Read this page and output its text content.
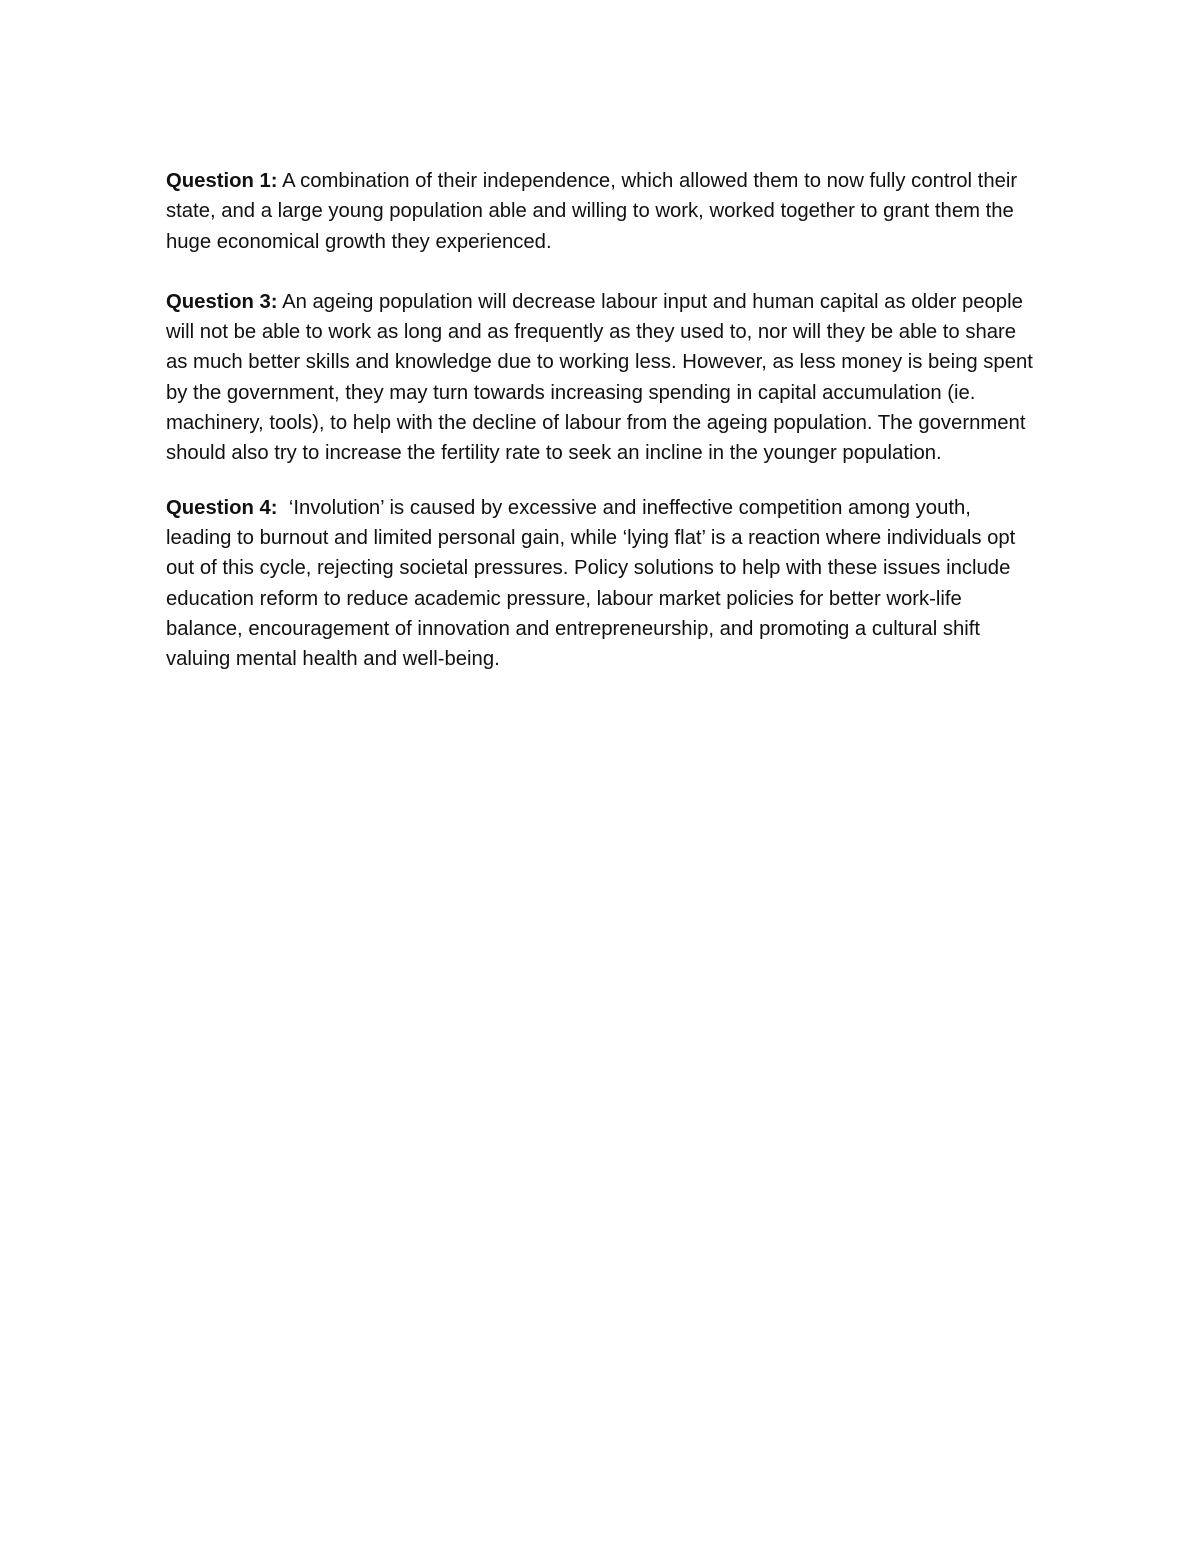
Question 1: A combination of their independence, which allowed them to now fully control their state, and a large young population able and willing to work, worked together to grant them the huge economical growth they experienced.

Question 3: An ageing population will decrease labour input and human capital as older people will not be able to work as long and as frequently as they used to, nor will they be able to share as much better skills and knowledge due to working less. However, as less money is being spent by the government, they may turn towards increasing spending in capital accumulation (ie. machinery, tools), to help with the decline of labour from the ageing population. The government should also try to increase the fertility rate to seek an incline in the younger population.

Question 4:  ‘Involution’ is caused by excessive and ineffective competition among youth, leading to burnout and limited personal gain, while ‘lying flat’ is a reaction where individuals opt out of this cycle, rejecting societal pressures. Policy solutions to help with these issues include education reform to reduce academic pressure, labour market policies for better work-life balance, encouragement of innovation and entrepreneurship, and promoting a cultural shift valuing mental health and well-being.
